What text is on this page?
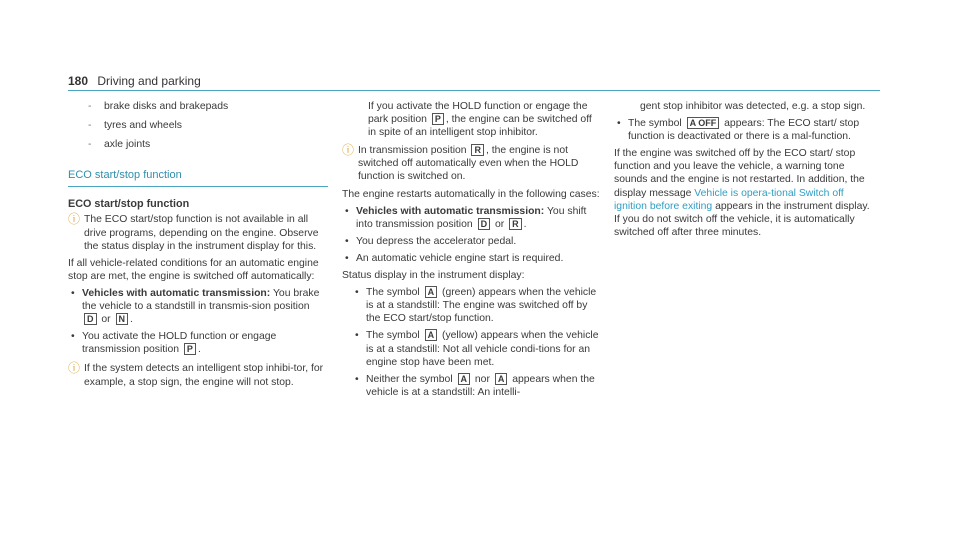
180 Driving and parking
- brake disks and brakepads
- tyres and wheels
- axle joints
ECO start/stop function
ECO start/stop function
ⓘ The ECO start/stop function is not available in all drive programs, depending on the engine. Observe the status display in the instrument display for this.
If all vehicle-related conditions for an automatic engine stop are met, the engine is switched off automatically:
• Vehicles with automatic transmission: You brake the vehicle to a standstill in transmis-sion position D or N .
• You activate the HOLD function or engage transmission position P .
ⓘ If the system detects an intelligent stop inhibi-tor, for example, a stop sign, the engine will not stop.
If you activate the HOLD function or engage the park position P , the engine can be switched off in spite of an intelligent stop inhibitor.
ⓘ In transmission position R , the engine is not switched off automatically even when the HOLD function is switched on.
The engine restarts automatically in the following cases:
• Vehicles with automatic transmission: You shift into transmission position D or R .
• You depress the accelerator pedal.
• An automatic vehicle engine start is required.
Status display in the instrument display:
• The symbol A (green) appears when the vehicle is at a standstill: The engine was switched off by the ECO start/stop function.
• The symbol A (yellow) appears when the vehicle is at a standstill: Not all vehicle condi-tions for an engine stop have been met.
• Neither the symbol A nor A appears when the vehicle is at a standstill: An intelli-
gent stop inhibitor was detected, e.g. a stop sign.
• The symbol A OFF appears: The ECO start/ stop function is deactivated or there is a mal-function.
If the engine was switched off by the ECO start/ stop function and you leave the vehicle, a warning tone sounds and the engine is not restarted. In addition, the display message Vehicle is opera-tional Switch off ignition before exiting appears in the instrument display. If you do not switch off the vehicle, it is automatically switched off after three minutes.
